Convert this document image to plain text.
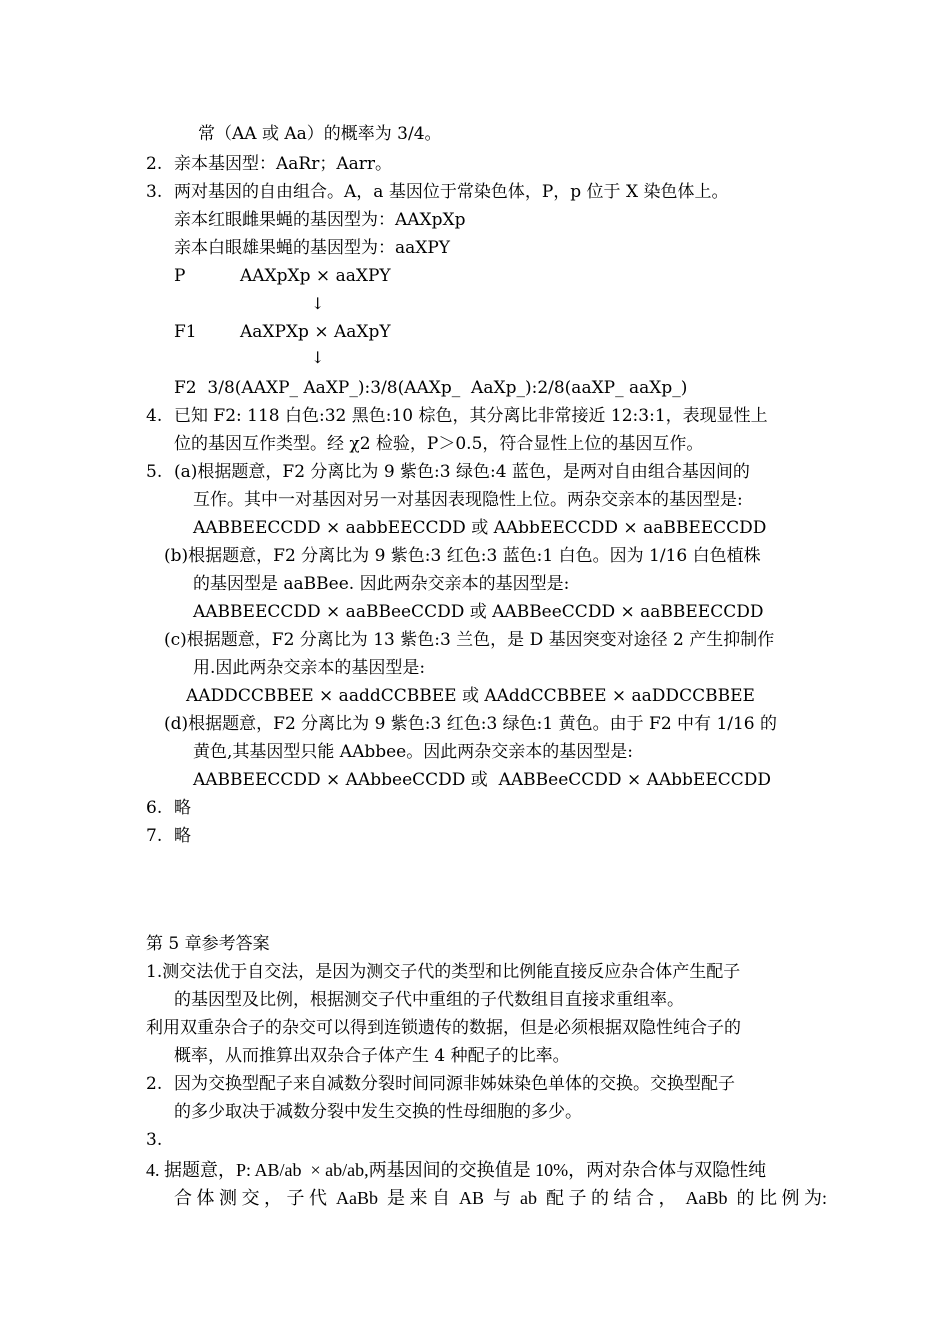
常（AA 或 Aa）的概率为 3/4。
2. 亲本基因型：AaRr；Aarr。
3. 两对基因的自由组合。A，a 基因位于常染色体，P，p 位于 X 染色体上。
亲本红眼雌果蝇的基因型为：AAXpXp
亲本白眼雄果蝇的基因型为：aaXPY
P	AAXpXp × aaXPY
↓
F1	AaXPXp × AaXpY
↓
F2  3/8(AAXP_ AaXP_):3/8(AAXp_  AaXp_):2/8(aaXP_ aaXp_)
4. 已知 F2: 118 白色:32 黑色:10 棕色，其分离比非常接近 12:3:1，表现显性上
位的基因互作类型。经 χ2 检验，P＞0.5，符合显性上位的基因互作。
5. (a)根据题意，F2 分离比为 9 紫色:3 绿色:4 蓝色，是两对自由组合基因间的
互作。其中一对基因对另一对基因表现隐性上位。两杂交亲本的基因型是:
AABBEECCDD × aabbEECCDD 或 AAbbEECCDD × aaBBEECCDD
(b)根据题意，F2 分离比为 9 紫色:3 红色:3 蓝色:1 白色。因为 1/16 白色植株
的基因型是 aaBBee. 因此两杂交亲本的基因型是:
AABBEECCDD × aaBBeeCCDD 或 AABBeeCCDD × aaBBEECCDD
(c)根据题意，F2 分离比为 13 紫色:3 兰色，是 D 基因突变对途径 2 产生抑制作
用.因此两杂交亲本的基因型是:
AADDCCBBEE × aaddCCBBEE 或 AAddCCBBEE × aaDDCCBBEE
(d)根据题意，F2 分离比为 9 紫色:3 红色:3 绿色:1 黄色。由于 F2 中有 1/16 的
黄色,其基因型只能 AAbbee。因此两杂交亲本的基因型是:
AABBEECCDD × AAbbeeCCDD 或  AABBeeCCDD × AAbbEECCDD
6. 略
7. 略
第 5 章参考答案
1.测交法优于自交法，是因为测交子代的类型和比例能直接反应杂合体产生配子
的基因型及比例，根据测交子代中重组的子代数组目直接求重组率。
利用双重杂合子的杂交可以得到连锁遗传的数据，但是必须根据双隐性纯合子的
概率，从而推算出双杂合子体产生 4 种配子的比率。
2. 因为交换型配子来自减数分裂时间同源非姊妹染色单体的交换。交换型配子
的多少取决于减数分裂中发生交换的性母细胞的多少。
3.
4. 据题意，P: AB/ab  × ab/ab,两基因间的交换值是 10%，两对杂合体与双隐性纯
合 体 测 交 ， 子 代  AaBb  是 来 自  AB  与  ab  配 子 的 结 合 ，  AaBb  的 比 例 为:
